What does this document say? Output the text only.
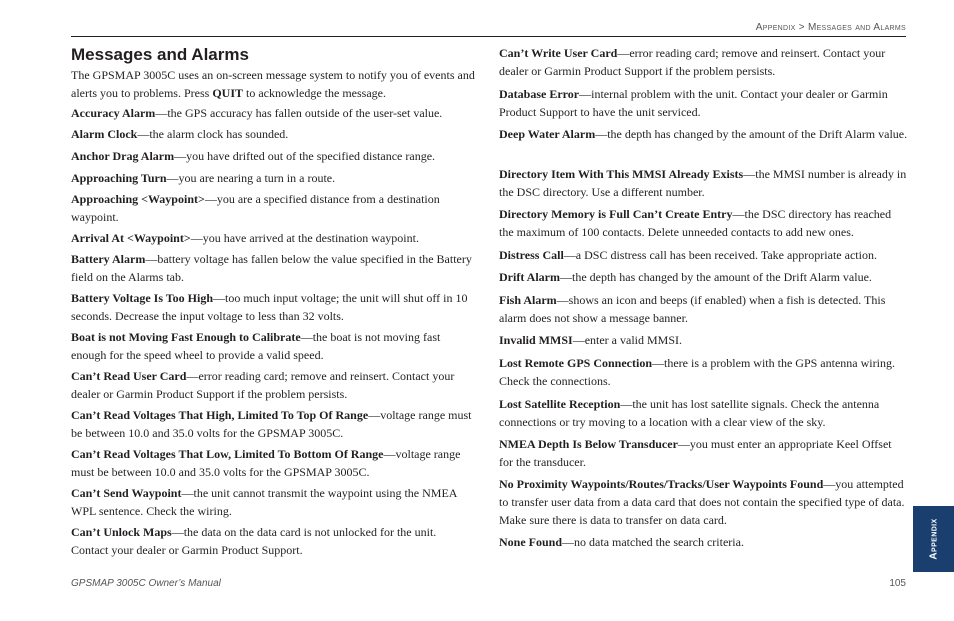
Appendix > Messages and Alarms
Messages and Alarms

The GPSMAP 3005C uses an on-screen message system to notify you of events and alerts you to problems. Press QUIT to acknowledge the message.

Accuracy Alarm—the GPS accuracy has fallen outside of the user-set value.

Alarm Clock—the alarm clock has sounded.

Anchor Drag Alarm—you have drifted out of the specified distance range.

Approaching Turn—you are nearing a turn in a route.

Approaching <Waypoint>—you are a specified distance from a destination waypoint.

Arrival At <Waypoint>—you have arrived at the destination waypoint.

Battery Alarm—battery voltage has fallen below the value specified in the Battery field on the Alarms tab.

Battery Voltage Is Too High—too much input voltage; the unit will shut off in 10 seconds. Decrease the input voltage to less than 32 volts.

Boat is not Moving Fast Enough to Calibrate—the boat is not moving fast enough for the speed wheel to provide a valid speed.

Can’t Read User Card—error reading card; remove and reinsert. Contact your dealer or Garmin Product Support if the problem persists.

Can’t Read Voltages That High, Limited To Top Of Range—voltage range must be between 10.0 and 35.0 volts for the GPSMAP 3005C.

Can’t Read Voltages That Low, Limited To Bottom Of Range—voltage range must be between 10.0 and 35.0 volts for the GPSMAP 3005C.

Can’t Send Waypoint—the unit cannot transmit the waypoint using the NMEA WPL sentence. Check the wiring.

Can’t Unlock Maps—the data on the data card is not unlocked for the unit. Contact your dealer or Garmin Product Support.

Can’t Write User Card—error reading card; remove and reinsert. Contact your dealer or Garmin Product Support if the problem persists.

Database Error—internal problem with the unit. Contact your dealer or Garmin Product Support to have the unit serviced.

Deep Water Alarm—the depth has changed by the amount of the Drift Alarm value.

Directory Item With This MMSI Already Exists—the MMSI number is already in the DSC directory. Use a different number.

Directory Memory is Full Can’t Create Entry—the DSC directory has reached the maximum of 100 contacts. Delete unneeded contacts to add new ones.

Distress Call—a DSC distress call has been received. Take appropriate action.

Drift Alarm—the depth has changed by the amount of the Drift Alarm value.

Fish Alarm—shows an icon and beeps (if enabled) when a fish is detected. This alarm does not show a message banner.

Invalid MMSI—enter a valid MMSI.

Lost Remote GPS Connection—there is a problem with the GPS antenna wiring. Check the connections.

Lost Satellite Reception—the unit has lost satellite signals. Check the antenna connections or try moving to a location with a clear view of the sky.

NMEA Depth Is Below Transducer—you must enter an appropriate Keel Offset for the transducer.

No Proximity Waypoints/Routes/Tracks/User Waypoints Found—you attempted to transfer user data from a data card that does not contain the specified type of data. Make sure there is data to transfer on data card.

None Found—no data matched the search criteria.	Appendix
GPSMAP 3005C Owner’s Manual	105
